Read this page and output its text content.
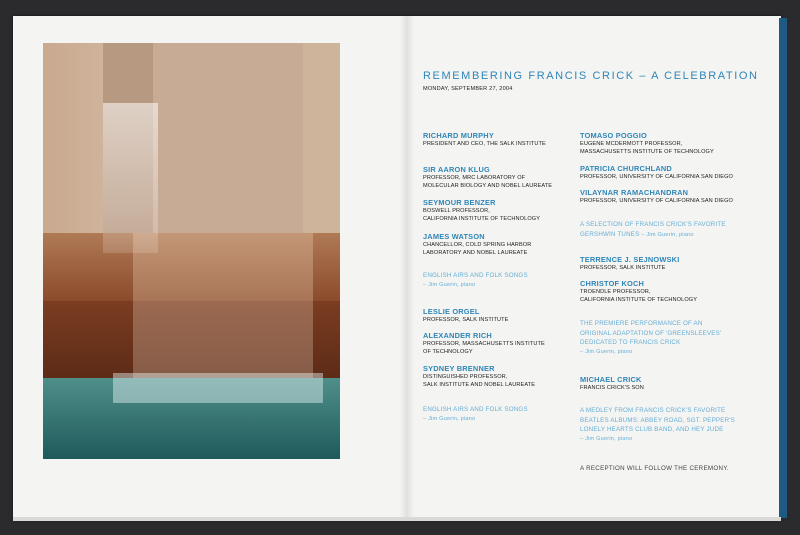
REMEMBERING FRANCIS CRICK – A CELEBRATION
MONDAY, SEPTEMBER 27, 2004
RICHARD MURPHY
PRESIDENT AND CEO, THE SALK INSTITUTE
SIR AARON KLUG
PROFESSOR, MRC LABORATORY OF
MOLECULAR BIOLOGY AND NOBEL LAUREATE
SEYMOUR BENZER
BOSWELL PROFESSOR,
CALIFORNIA INSTITUTE OF TECHNOLOGY
JAMES WATSON
CHANCELLOR, COLD SPRING HARBOR
LABORATORY AND NOBEL LAUREATE
ENGLISH AIRS AND FOLK SONGS
– Jim Guerin, piano
LESLIE ORGEL
PROFESSOR, SALK INSTITUTE
ALEXANDER RICH
PROFESSOR, MASSACHUSETTS INSTITUTE
OF TECHNOLOGY
SYDNEY BRENNER
DISTINGUISHED PROFESSOR,
SALK INSTITUTE AND NOBEL LAUREATE
ENGLISH AIRS AND FOLK SONGS
– Jim Guerin, piano
TOMASO POGGIO
EUGENE MCDERMOTT PROFESSOR,
MASSACHUSETTS INSTITUTE OF TECHNOLOGY
PATRICIA CHURCHLAND
PROFESSOR, UNIVERSITY OF CALIFORNIA SAN DIEGO
VILAYNAR RAMACHANDRAN
PROFESSOR, UNIVERSITY OF CALIFORNIA SAN DIEGO
A SELECTION OF FRANCIS CRICK'S FAVORITE
GERSHWIN TUNES – Jim Guerin, piano
TERRENCE J. SEJNOWSKI
PROFESSOR, SALK INSTITUTE
CHRISTOF KOCH
TROENDLE PROFESSOR,
CALIFORNIA INSTITUTE OF TECHNOLOGY
THE PREMIERE PERFORMANCE OF AN
ORIGINAL ADAPTATION OF 'GREENSLEEVES'
DEDICATED TO FRANCIS CRICK
– Jim Guerin, piano
MICHAEL CRICK
FRANCIS CRICK'S SON
A MEDLEY FROM FRANCIS CRICK'S FAVORITE
BEATLES ALBUMS: ABBEY ROAD, SGT. PEPPER'S
LONELY HEARTS CLUB BAND, AND HEY JUDE
– Jim Guerin, piano
A RECEPTION WILL FOLLOW THE CEREMONY.
